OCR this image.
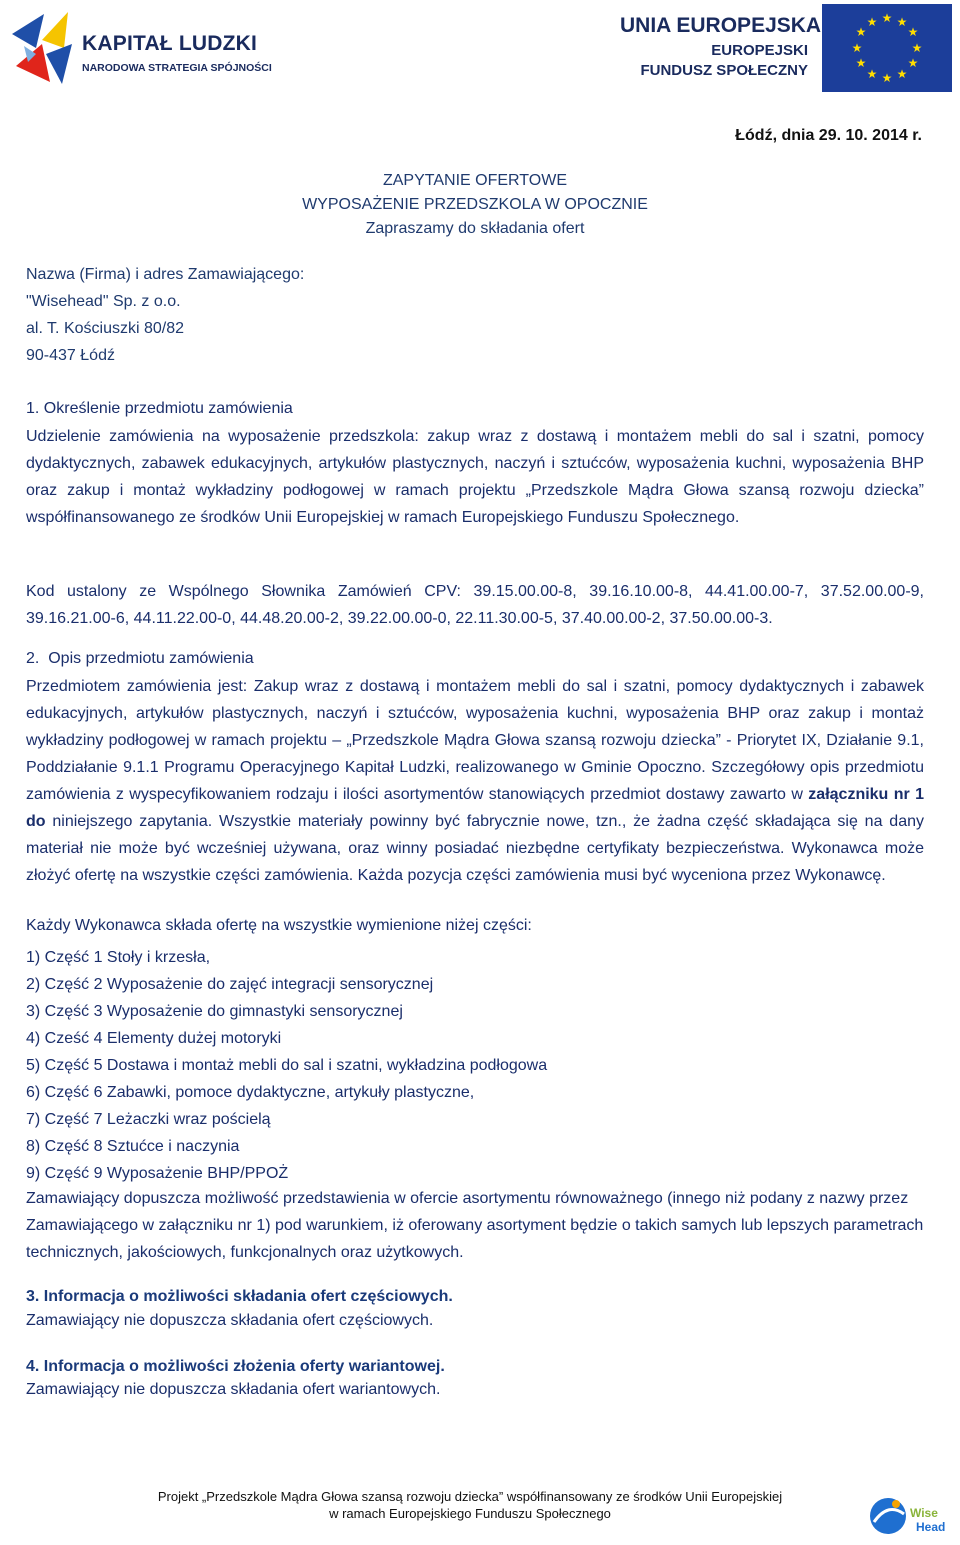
KAPITAŁ LUDZKI
NARODOWA STRATEGIA SPÓJNOŚCI
UNIA EUROPEJSKA
EUROPEJSKI
FUNDUSZ SPOŁECZNY
★ ★
★
★
★
★
★
★
★
★
★
★
Łódź, dnia 29. 10. 2014 r.
ZAPYTANIE OFERTOWE
WYPOSAŻENIE PRZEDSZKOLA W OPOCZNIE
Zapraszamy do składania ofert
Nazwa (Firma) i adres Zamawiającego:
"Wisehead" Sp. z o.o.
al. T. Kościuszki 80/82
90-437 Łódź
1. Określenie przedmiotu zamówienia
Udzielenie zamówienia na wyposażenie przedszkola: zakup wraz z dostawą i montażem mebli do sal i szatni, pomocy dydaktycznych, zabawek edukacyjnych, artykułów plastycznych, naczyń i sztućców, wyposażenia kuchni, wyposażenia BHP oraz zakup i montaż wykładziny podłogowej w ramach projektu „Przedszkole Mądra Głowa szansą rozwoju dziecka” współfinansowanego ze środków Unii Europejskiej w ramach Europejskiego Funduszu Społecznego.
Kod ustalony ze Wspólnego Słownika Zamówień CPV: 39.15.00.00-8, 39.16.10.00-8, 44.41.00.00-7, 37.52.00.00-9, 39.16.21.00-6, 44.11.22.00-0, 44.48.20.00-2, 39.22.00.00-0, 22.11.30.00-5, 37.40.00.00-2, 37.50.00.00-3.
2. Opis przedmiotu zamówienia
Przedmiotem zamówienia jest: Zakup wraz z dostawą i montażem mebli do sal i szatni, pomocy dydaktycznych i zabawek edukacyjnych, artykułów plastycznych, naczyń i sztućców, wyposażenia kuchni, wyposażenia BHP oraz zakup i montaż wykładziny podłogowej w ramach projektu – „Przedszkole Mądra Głowa szansą rozwoju dziecka” - Priorytet IX, Działanie 9.1, Poddziałanie 9.1.1 Programu Operacyjnego Kapitał Ludzki, realizowanego w Gminie Opoczno. Szczegółowy opis przedmiotu zamówienia z wyspecyfikowaniem rodzaju i ilości asortymentów stanowiących przedmiot dostawy zawarto w załączniku nr 1 do niniejszego zapytania. Wszystkie materiały powinny być fabrycznie nowe, tzn., że żadna część składająca się na dany materiał nie może być wcześniej używana, oraz winny posiadać niezbędne certyfikaty bezpieczeństwa. Wykonawca może złożyć ofertę na wszystkie części zamówienia. Każda pozycja części zamówienia musi być wyceniona przez Wykonawcę.
Każdy Wykonawca składa ofertę na wszystkie wymienione niżej części:
1) Część 1 Stoły i krzesła,
2) Część 2 Wyposażenie do zajęć integracji sensorycznej
3) Część 3 Wyposażenie do gimnastyki sensorycznej
4) Cześć 4 Elementy dużej motoryki
5) Część 5 Dostawa i montaż mebli do sal i szatni, wykładzina podłogowa
6) Część 6 Zabawki, pomoce dydaktyczne, artykuły plastyczne,
7) Część 7 Leżaczki wraz pościelą
8) Część 8 Sztućce i naczynia
9) Część 9 Wyposażenie BHP/PPOŻ
Zamawiający dopuszcza możliwość przedstawienia w ofercie asortymentu równoważnego (innego niż podany z nazwy przez Zamawiającego w załączniku nr 1) pod warunkiem, iż oferowany asortyment będzie o takich samych lub lepszych parametrach technicznych, jakościowych, funkcjonalnych oraz użytkowych.
3. Informacja o możliwości składania ofert częściowych.
Zamawiający nie dopuszcza składania ofert częściowych.
4. Informacja o możliwości złożenia oferty wariantowej.
Zamawiający nie dopuszcza składania ofert wariantowych.
Projekt „Przedszkole Mądra Głowa szansą rozwoju dziecka” współfinansowany ze środków Unii Europejskiej
w ramach Europejskiego Funduszu Społecznego	Wise
Head
